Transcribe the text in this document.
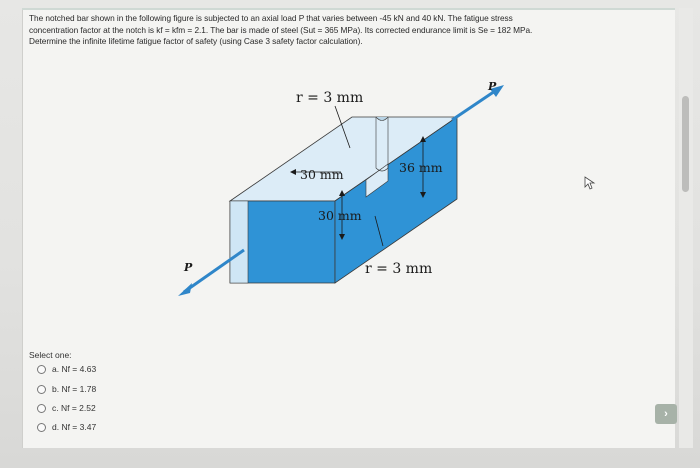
The notched bar shown in the following figure is subjected to an axial load P that varies between -45 kN and 40 kN. The fatigue stress

concentration factor at the notch is kf = kfm = 2.1. The bar is made of steel (Sut = 365 MPa). Its corrected endurance limit is Se = 182 MPa.

Determine the infinite lifetime fatigue factor of safety (using Case 3 safety factor calculation).

r = 3 mm
30 mm	36 mm
30 mm
r = 3 mm
P
P
Select one:
a. Nf = 4.63
b. Nf = 1.78
c. Nf = 2.52
d. Nf = 3.47
›
